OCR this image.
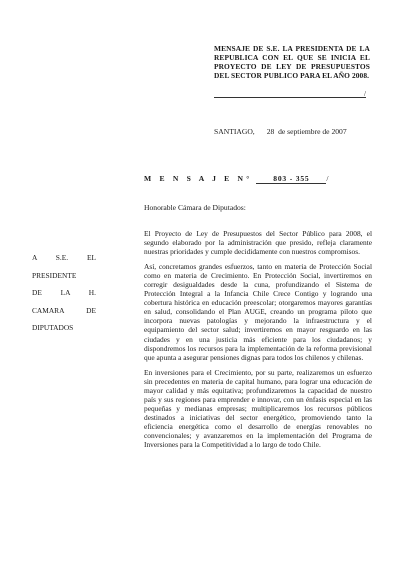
MENSAJE DE S.E. LA PRESIDENTA DE LA REPUBLICA CON EL QUE SE INICIA EL PROYECTO DE LEY DE PRESUPUESTOS DEL SECTOR PUBLICO PARA EL AÑO 2008.
/
SANTIAGO, 28 de septiembre de 2007
M E N S A J E N°	803 - 355 /
Honorable Cámara de Diputados:
A S.E. EL
PRESIDENTE
DE LA H.
CAMARA DE
DIPUTADOS

El Proyecto de Ley de Presupuestos del Sector Público para 2008, el segundo elaborado por la administración que presido, refleja claramente nuestras prioridades y cumple decididamente con nuestros compromisos.

Así, concretamos grandes esfuerzos, tanto en materia de Protección Social como en materia de Crecimiento. En Protección Social, invertiremos en corregir desigualdades desde la cuna, profundizando el Sistema de Protección Integral a la Infancia Chile Crece Contigo y logrando una cobertura histórica en educación preescolar; otorgaremos mayores garantías en salud, consolidando el Plan AUGE, creando un programa piloto que incorpora nuevas patologías y mejorando la infraestructura y el equipamiento del sector salud; invertiremos en mayor resguardo en las ciudades y en una justicia más eficiente para los ciudadanos; y dispondremos los recursos para la implementación de la reforma previsional que apunta a asegurar pensiones dignas para todos los chilenos y chilenas.

En inversiones para el Crecimiento, por su parte, realizaremos un esfuerzo sin precedentes en materia de capital humano, para lograr una educación de mayor calidad y más equitativa; profundizaremos la capacidad de nuestro país y sus regiones para emprender e innovar, con un énfasis especial en las pequeñas y medianas empresas; multiplicaremos los recursos públicos destinados a iniciativas del sector energético, promoviendo tanto la eficiencia energética como el desarrollo de energías renovables no convencionales; y avanzaremos en la implementación del Programa de Inversiones para la Competitividad a lo largo de todo Chile.
